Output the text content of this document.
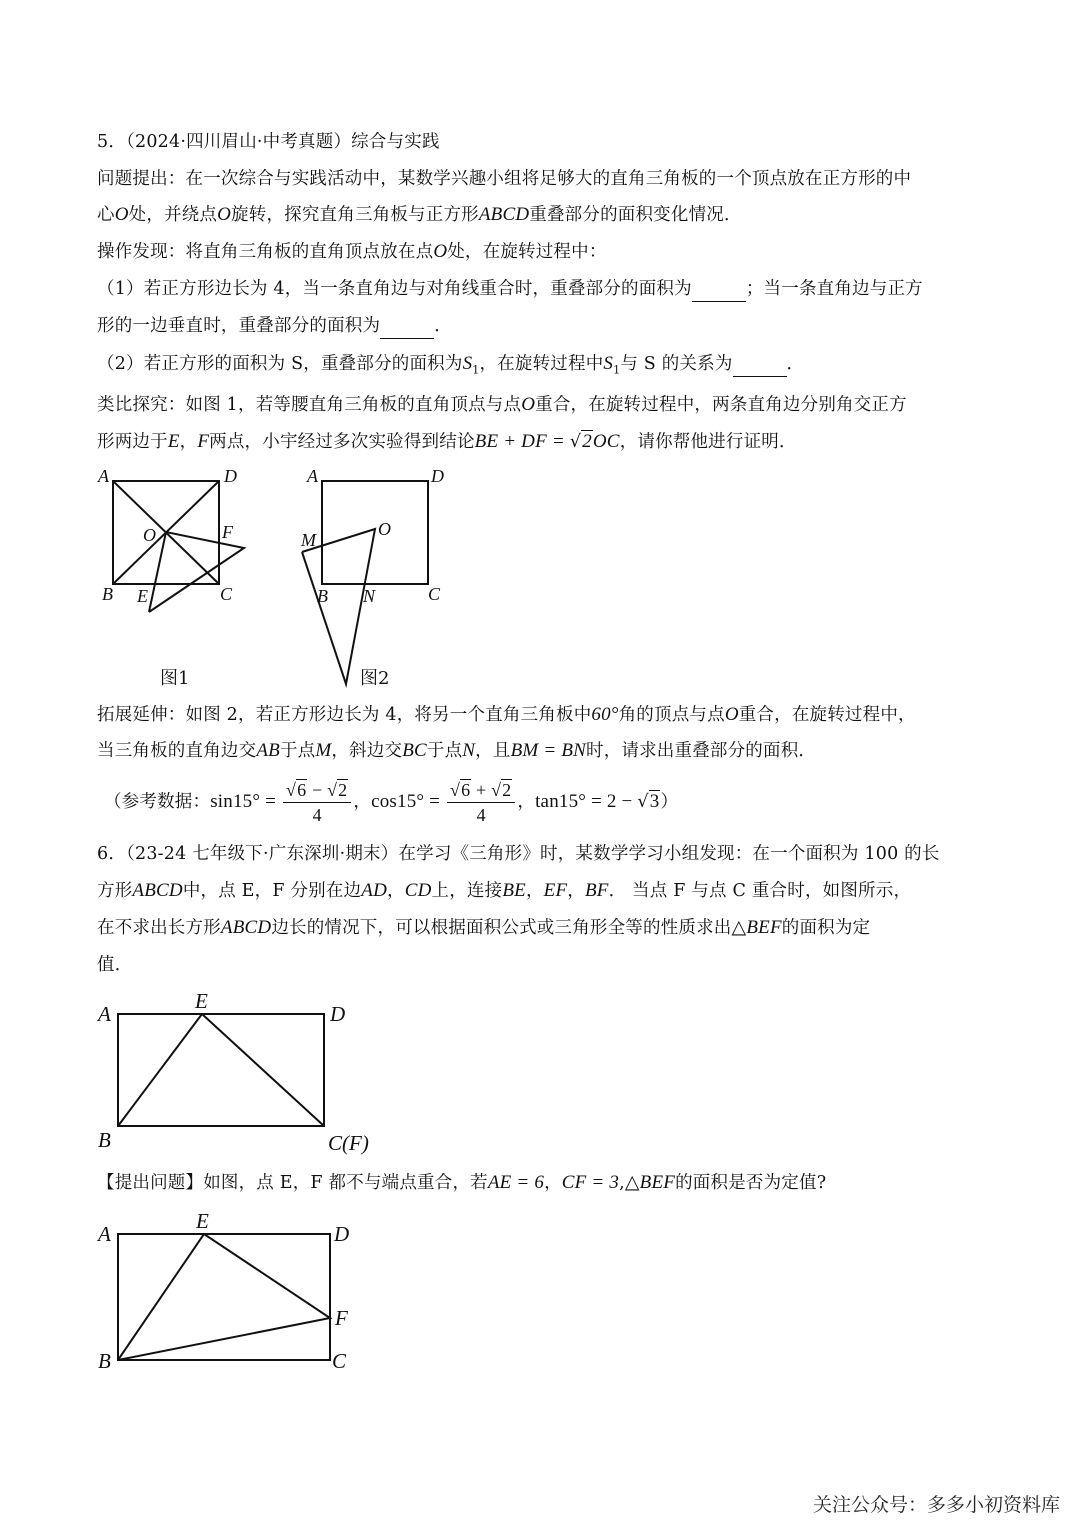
5．（2024·四川眉山·中考真题）综合与实践
问题提出：在一次综合与实践活动中，某数学兴趣小组将足够大的直角三角板的一个顶点放在正方形的中
心O处，并绕点O旋转，探究直角三角板与正方形ABCD重叠部分的面积变化情况．
操作发现：将直角三角板的直角顶点放在点O处，在旋转过程中：
（1）若正方形边长为 4，当一条直角边与对角线重合时，重叠部分的面积为	；当一条直角边与正方
形的一边垂直时，重叠部分的面积为	．
（2）若正方形的面积为 S，重叠部分的面积为$S_1$，在旋转过程中$S_1$与 S 的关系为	．
类比探究：如图 1，若等腰直角三角板的直角顶点与点O重合，在旋转过程中，两条直角边分别角交正方
形两边于E，F两点，小宇经过多次实验得到结论BE + DF = √2OC，请你帮他进行证明．
A	D
B	C
O	F
E
图1
A	D
B N	C
O
M
图2
拓展延伸：如图 2，若正方形边长为 4，将另一个直角三角板中60°角的顶点与点O重合，在旋转过程中，
当三角板的直角边交AB于点M，斜边交BC于点N，且BM = BN时，请求出重叠部分的面积．
（参考数据：$\sin 15^\circ = \frac{√6 - √2}{4}$ ，$\cos 15^\circ = \frac{√6 + √2}{4}$ ，tan15° = 2 − √3）
6．（23-24 七年级下·广东深圳·期末）在学习《三角形》时，某数学学习小组发现：在一个面积为 100 的长
方形ABCD中，点 E，F 分别在边AD，CD上，连接BE，EF，BF． 当点 F 与点 C 重合时，如图所示，
在不求出长方形ABCD边长的情况下，可以根据面积公式或三角形全等的性质求出△BEF的面积为定
值．
A
E
D
B	C(F)
【提出问题】如图，点 E，F 都不与端点重合，若AE = 6，CF = 3,△BEF的面积是否为定值?
A
E
D
F
B	C
关注公众号：多多小初资料库
